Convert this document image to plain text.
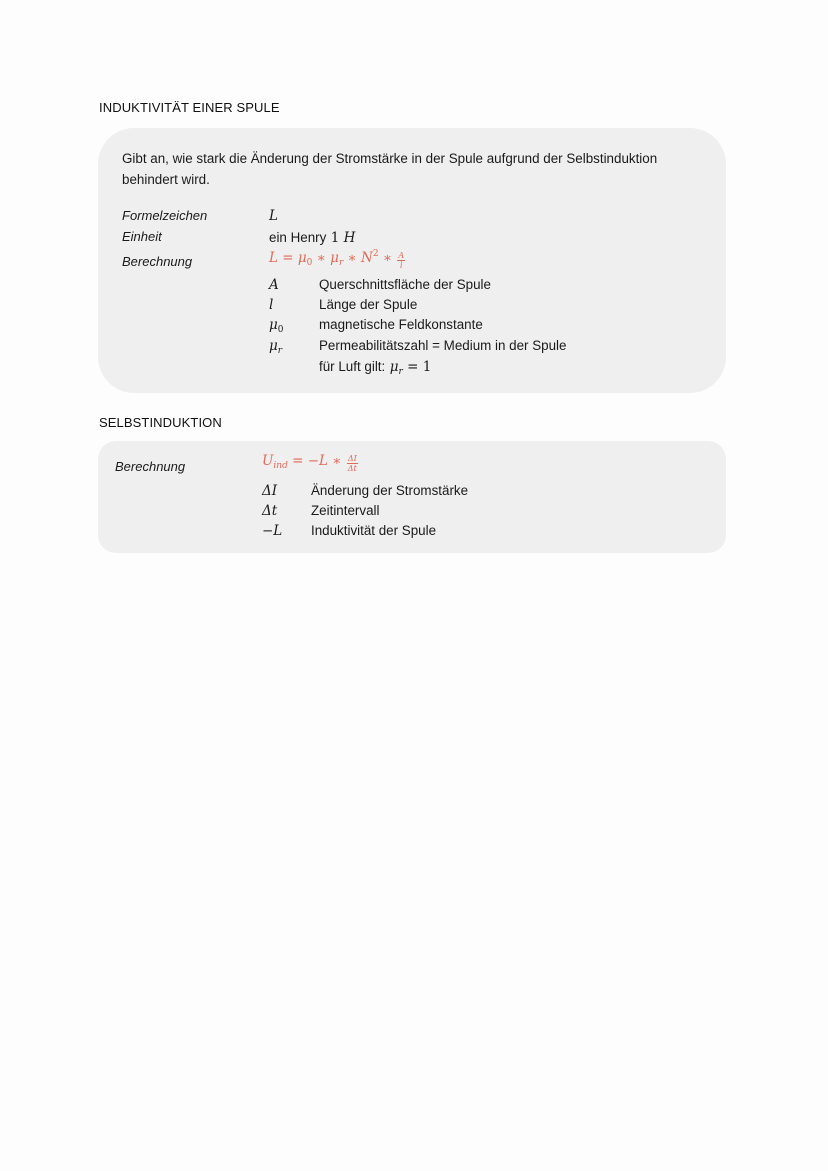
INDUKTIVITÄT EINER SPULE
Gibt an, wie stark die Änderung der Stromstärke in der Spule aufgrund der Selbstinduktion behindert wird.
Formelzeichen	L
Einheit	ein Henry 1 H
Berechnung	$L = \mu_0$ ∗ $\mu_r$ ∗ $N^2$ ∗ $\frac{A}{l}$
A	Querschnittsfläche der Spule
l	Länge der Spule
$\mu_0$	magnetische Feldkonstante
$\mu_r$	Permeabilitätszahl = Medium in der Spule
für Luft gilt: $\mu_r = 1$
SELBSTINDUKTION
Berechnung	$U_{ind} = -L$ ∗ $\frac{\Delta I}{\Delta t}$
ΔI	Änderung der Stromstärke
Δt	Zeitintervall
−L Induktivität der Spule
